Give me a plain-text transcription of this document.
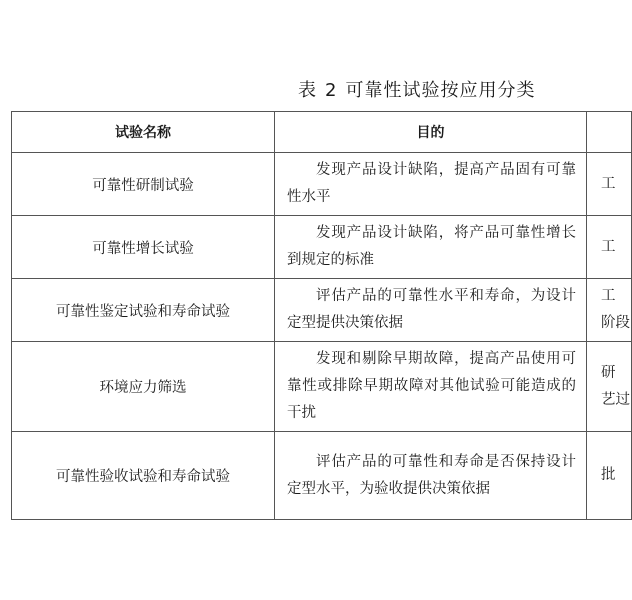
表 2 可靠性试验按应用分类
试验名称	目的	
可靠性研制试验	发现产品设计缺陷，提高产品固有可靠性水平	工

可靠性增长试验	发现产品设计缺陷，将产品可靠性增长到规定的标准	工

可靠性鉴定试验和寿命试验	评估产品的可靠性水平和寿命，为设计定型提供决策依据	工
阶段

环境应力筛选	发现和剔除早期故障，提高产品使用可靠性或排除早期故障对其他试验可能造成的干扰	研
艺过

可靠性验收试验和寿命试验	评估产品的可靠性和寿命是否保持设计定型水平，为验收提供决策依据	批
